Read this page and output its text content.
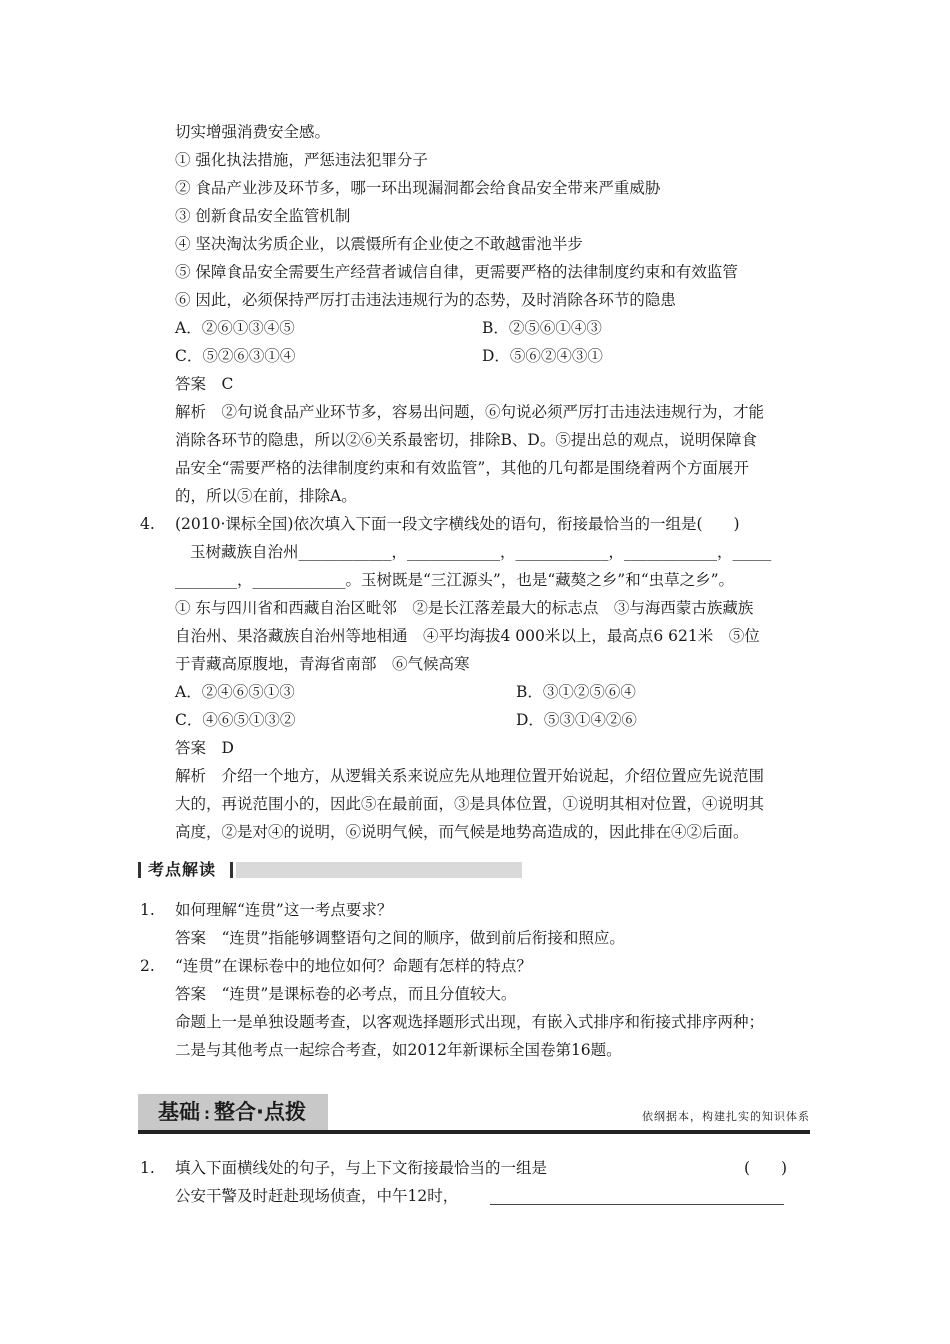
切实增强消费安全感。
① 强化执法措施，严惩违法犯罪分子
② 食品产业涉及环节多，哪一环出现漏洞都会给食品安全带来严重威胁
③ 创新食品安全监管机制
④ 坚决淘汰劣质企业，以震慑所有企业使之不敢越雷池半步
⑤ 保障食品安全需要生产经营者诚信自律，更需要严格的法律制度约束和有效监管
⑥ 因此，必须保持严厉打击违法违规行为的态势，及时消除各环节的隐患
A．②⑥①③④⑤	B．②⑤⑥①④③
C．⑤②⑥③①④	D．⑤⑥②④③①
答案　C
解析　②句说食品产业环节多，容易出问题，⑥句说必须严厉打击违法违规行为，才能
消除各环节的隐患，所以②⑥关系最密切，排除B、D。⑤提出总的观点，说明保障食
品安全“需要严格的法律制度约束和有效监管”，其他的几句都是围绕着两个方面展开
的，所以⑤在前，排除A。
4. (2010·课标全国)依次填入下面一段文字横线处的语句，衔接最恰当的一组是(　　)
玉树藏族自治州____________，____________，____________，____________，_____
________，____________。玉树既是“三江源头”，也是“藏獒之乡”和“虫草之乡”。
① 东与四川省和西藏自治区毗邻　②是长江落差最大的标志点　③与海西蒙古族藏族
自治州、果洛藏族自治州等地相通　④平均海拔4 000米以上，最高点6 621米　⑤位
于青藏高原腹地，青海省南部　⑥气候高寒
A．②④⑥⑤①③	B．③①②⑤⑥④
C．④⑥⑤①③②	D．⑤③①④②⑥
答案　D
解析　介绍一个地方，从逻辑关系来说应先从地理位置开始说起，介绍位置应先说范围
大的，再说范围小的，因此⑤在最前面，③是具体位置，①说明其相对位置，④说明其
高度，②是对④的说明，⑥说明气候，而气候是地势高造成的，因此排在④②后面。
考点解读
1. 如何理解“连贯”这一考点要求？
答案　“连贯”指能够调整语句之间的顺序，做到前后衔接和照应。
2. “连贯”在课标卷中的地位如何？命题有怎样的特点？
答案　“连贯”是课标卷的必考点，而且分值较大。
命题上一是单独设题考查，以客观选择题形式出现，有嵌入式排序和衔接式排序两种；
二是与其他考点一起综合考查，如2012年新课标全国卷第16题。
基础 : 整合·点拨	依纲据本，构建扎实的知识体系
1. 填入下面横线处的句子，与上下文衔接最恰当的一组是	(　　)
公安干警及时赶赴现场侦查，中午12时，
